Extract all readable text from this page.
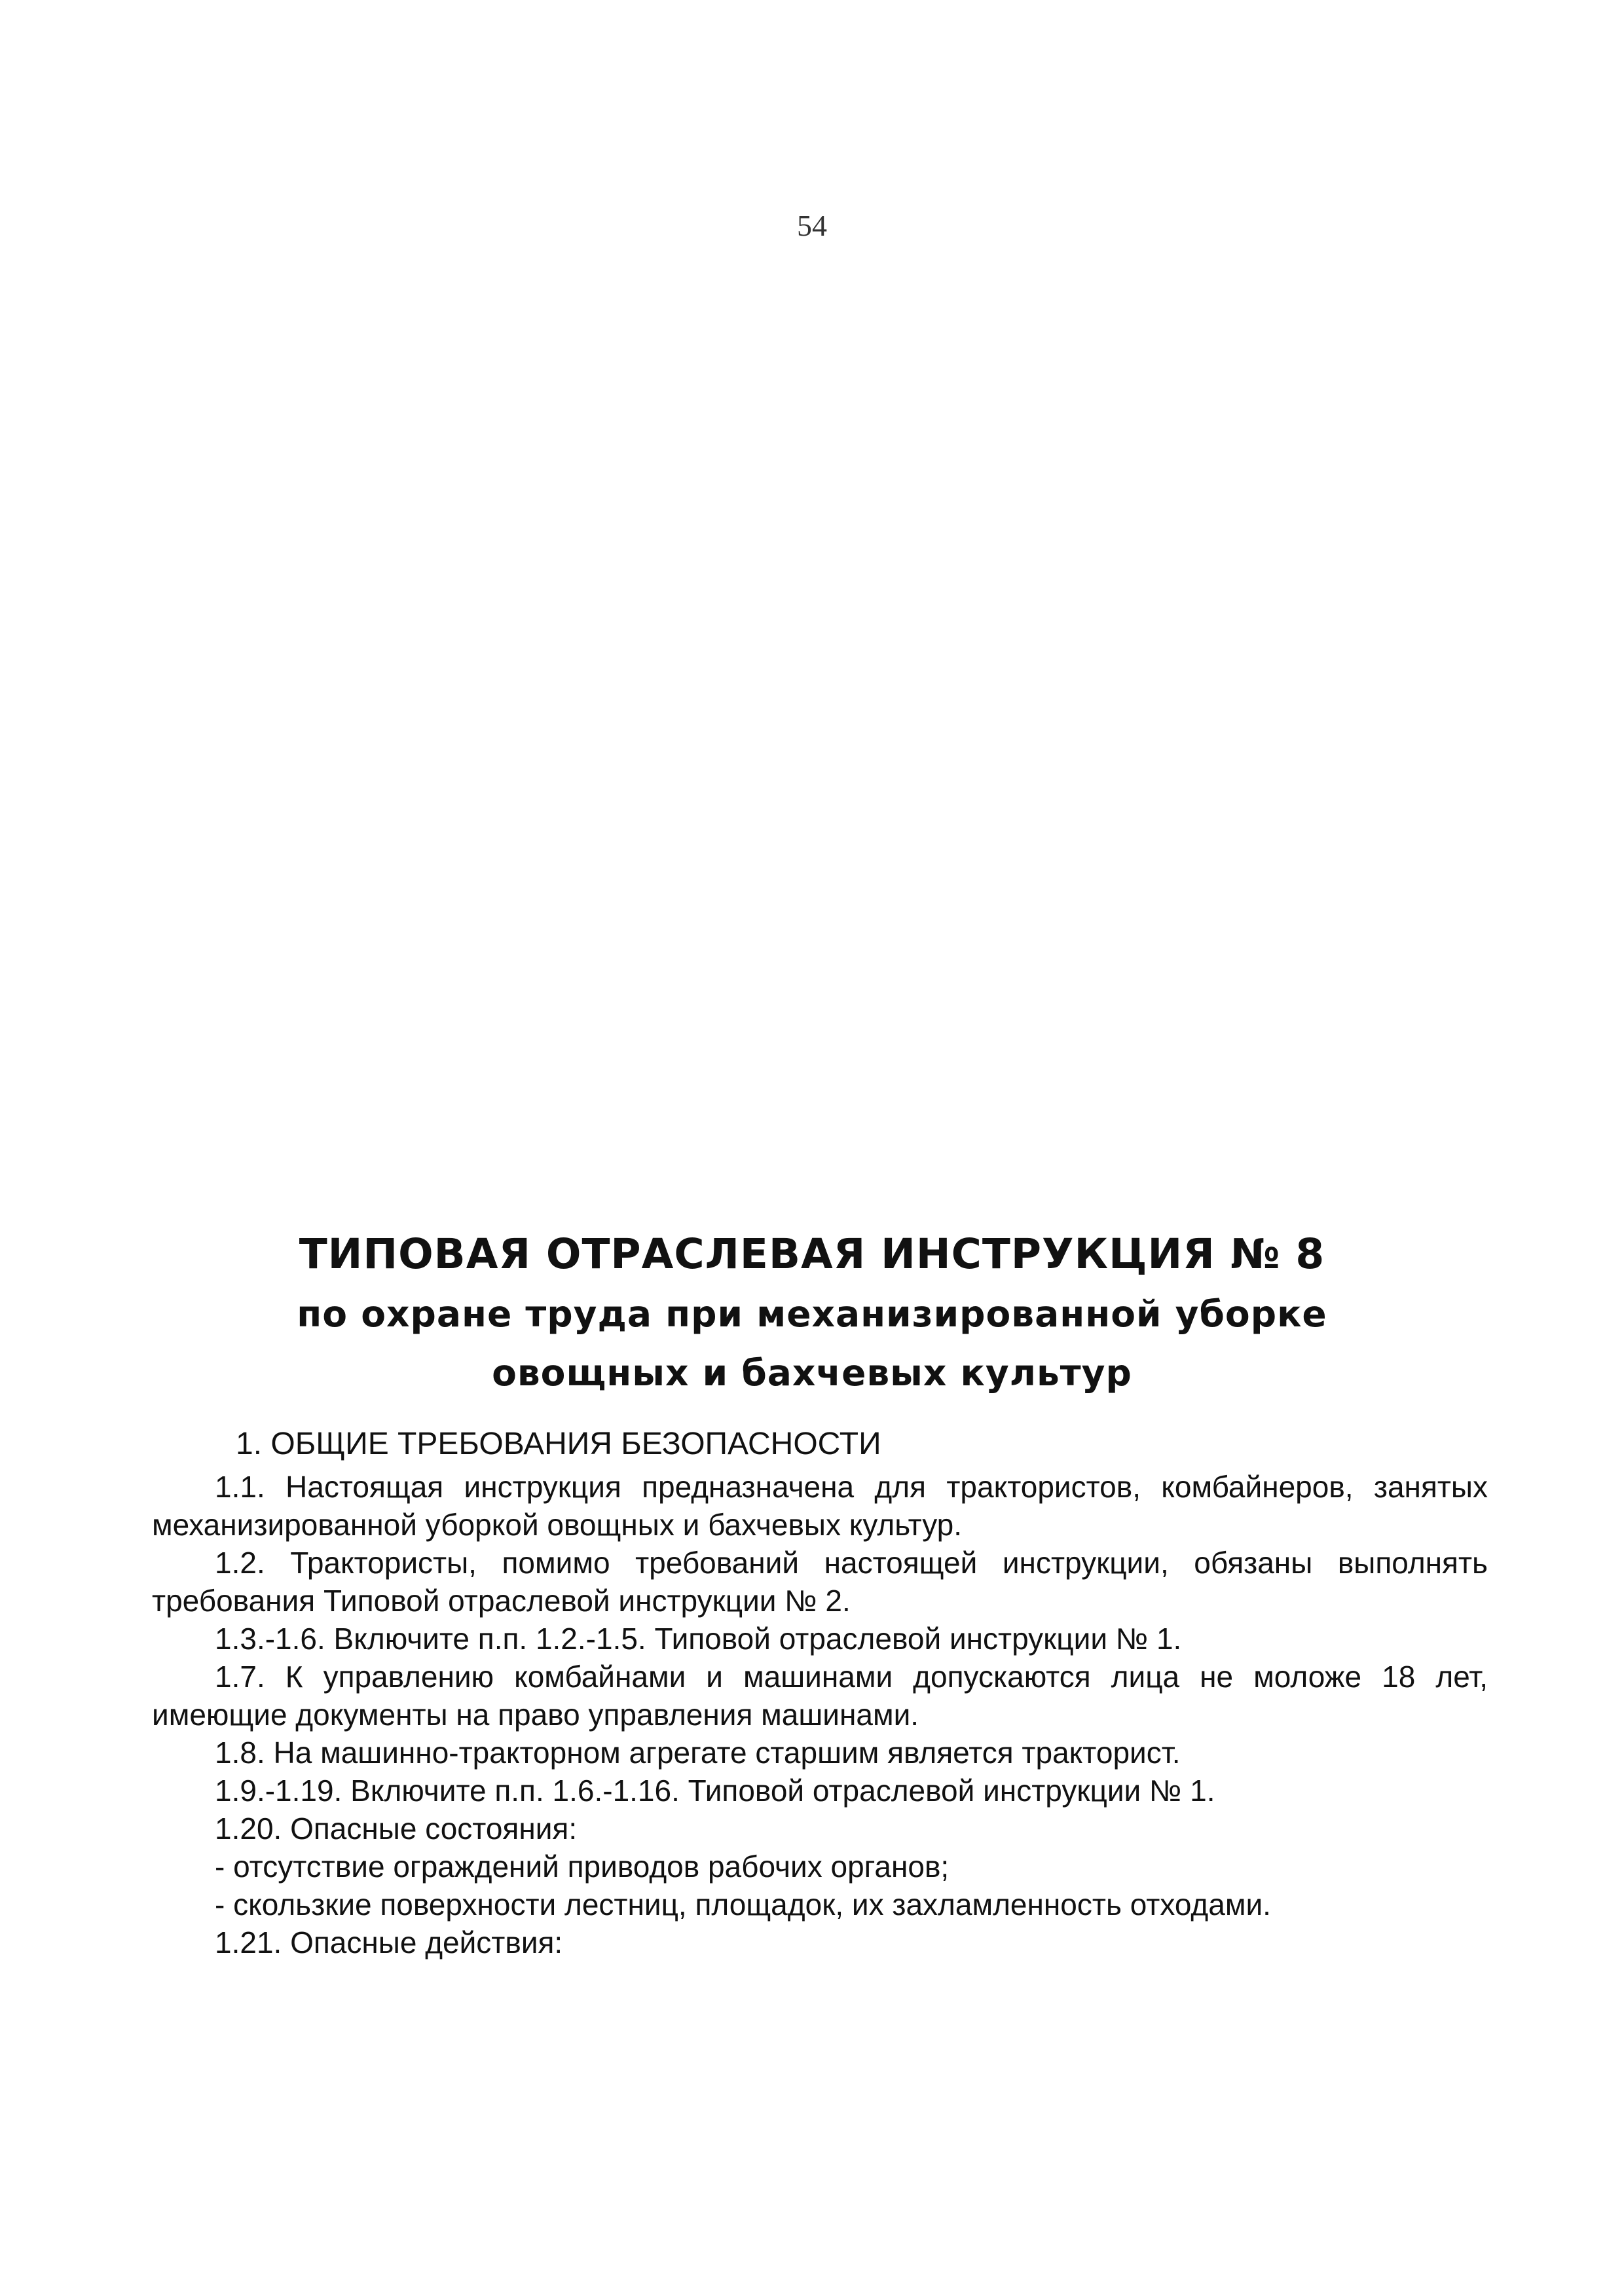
54
ТИПОВАЯ ОТРАСЛЕВАЯ ИНСТРУКЦИЯ № 8
по охране труда при механизированной уборке
овощных и бахчевых культур
1. ОБЩИЕ ТРЕБОВАНИЯ БЕЗОПАСНОСТИ

1.1. Настоящая инструкция предназначена для трактористов, комбайнеров, занятых механизированной уборкой овощных и бахчевых культур.

1.2. Трактористы, помимо требований настоящей инструкции, обязаны выполнять требования Типовой отраслевой инструкции № 2.

1.3.-1.6. Включите п.п. 1.2.-1.5. Типовой отраслевой инструкции № 1.

1.7. К управлению комбайнами и машинами допускаются лица не моложе 18 лет, имеющие документы на право управления машинами.

1.8. На машинно-тракторном агрегате старшим является тракторист.

1.9.-1.19. Включите п.п. 1.6.-1.16. Типовой отраслевой инструкции № 1.

1.20. Опасные состояния:

- отсутствие ограждений приводов рабочих органов;

- скользкие поверхности лестниц, площадок, их захламленность отходами.

1.21. Опасные действия:
